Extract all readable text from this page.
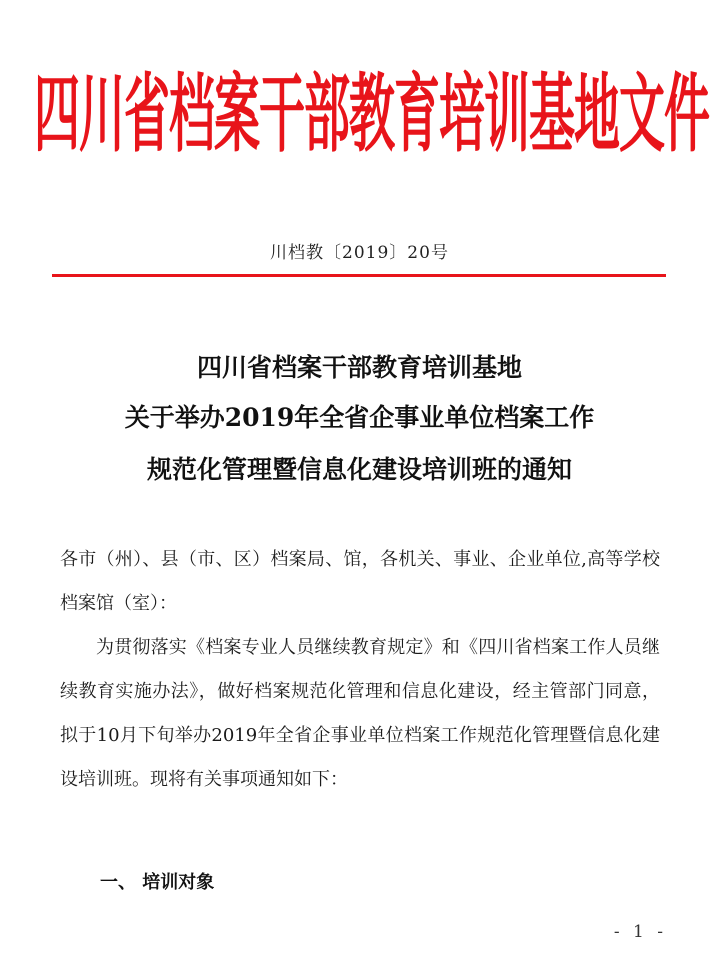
四川省档案干部教育培训基地文件
川档教〔2019〕20号
四川省档案干部教育培训基地
关于举办2019年全省企事业单位档案工作
规范化管理暨信息化建设培训班的通知
各市（州）、县（市、区）档案局、馆，各机关、事业、企业单位,高等学校档案馆（室）：
为贯彻落实《档案专业人员继续教育规定》和《四川省档案工作人员继续教育实施办法》，做好档案规范化管理和信息化建设，经主管部门同意，拟于10月下旬举办2019年全省企事业单位档案工作规范化管理暨信息化建设培训班。现将有关事项通知如下：
一、 培训对象
- 1 -
